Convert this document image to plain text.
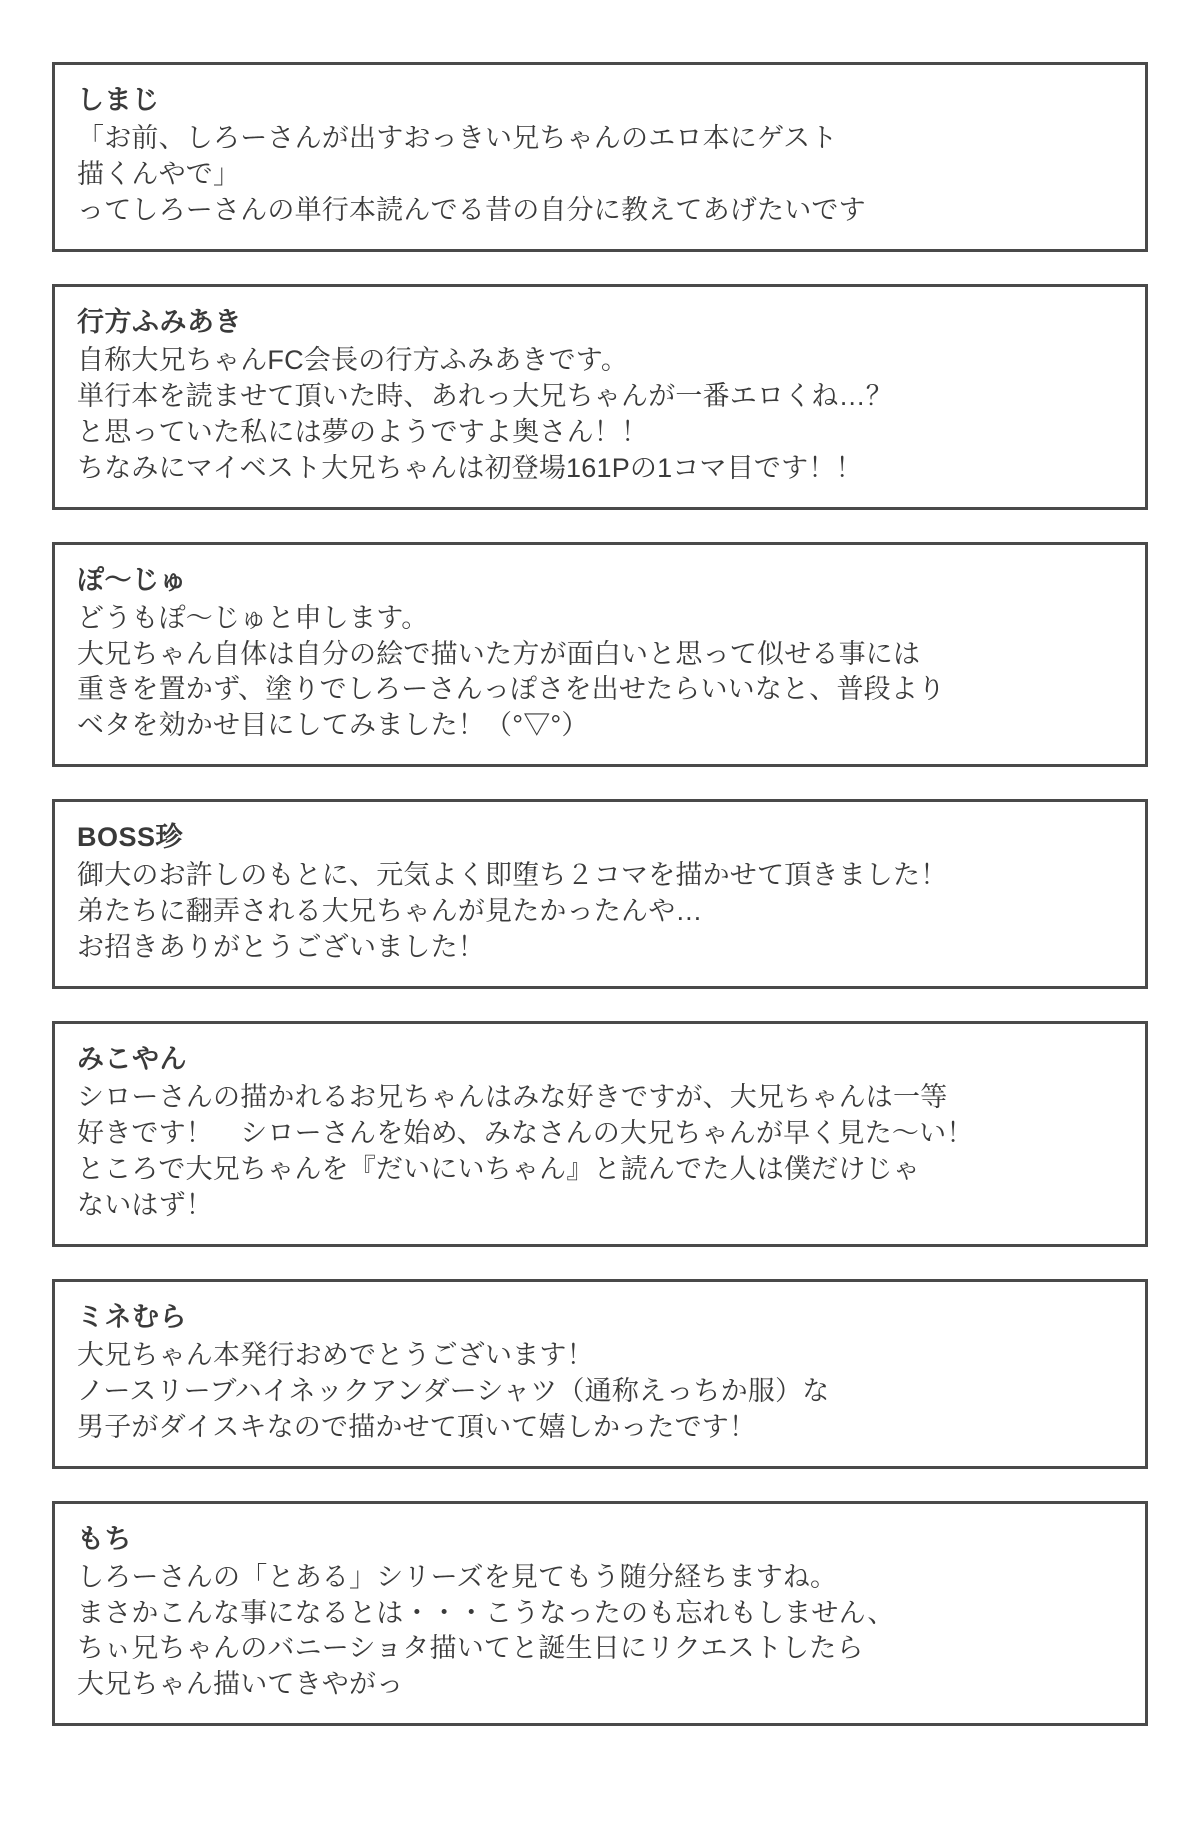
しまじ
「お前、しろーさんが出すおっきい兄ちゃんのエロ本にゲスト
描くんやで」
ってしろーさんの単行本読んでる昔の自分に教えてあげたいです
行方ふみあき
自称大兄ちゃんFC会長の行方ふみあきです。
単行本を読ませて頂いた時、あれっ大兄ちゃんが一番エロくね…？
と思っていた私には夢のようですよ奥さん！！
ちなみにマイベスト大兄ちゃんは初登場161Pの1コマ目です！！
ぽ～じゅ
どうもぽ～じゅと申します。
大兄ちゃん自体は自分の絵で描いた方が面白いと思って似せる事には
重きを置かず、塗りでしろーさんっぽさを出せたらいいなと、普段より
ベタを効かせ目にしてみました！（°▽°）
BOSS珍
御大のお許しのもとに、元気よく即堕ち２コマを描かせて頂きました！
弟たちに翻弄される大兄ちゃんが見たかったんや…
お招きありがとうございました！
みこやん
シローさんの描かれるお兄ちゃんはみな好きですが、大兄ちゃんは一等
好きです！　シローさんを始め、みなさんの大兄ちゃんが早く見た～い！
ところで大兄ちゃんを『だいにいちゃん』と読んでた人は僕だけじゃ
ないはず！
ミネむら
大兄ちゃん本発行おめでとうございます！
ノースリーブハイネックアンダーシャツ（通称えっちか服）な
男子がダイスキなので描かせて頂いて嬉しかったです！
もち
しろーさんの「とある」シリーズを見てもう随分経ちますね。
まさかこんな事になるとは・・・こうなったのも忘れもしません、
ちぃ兄ちゃんのバニーショタ描いてと誕生日にリクエストしたら
大兄ちゃん描いてきやがっ
